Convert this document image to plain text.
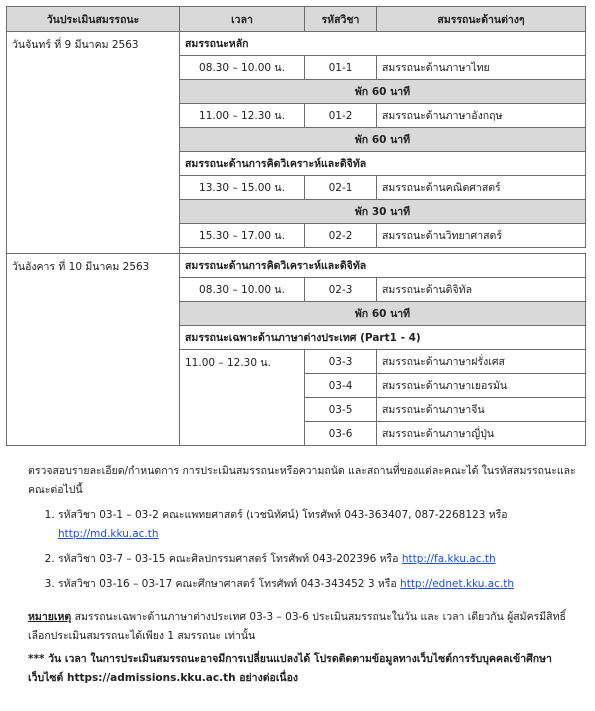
วันประเมินสมรรถนะ	เวลา	รหัสวิชา	สมรรถนะด้านต่างๆ
วันจันทร์ ที่ 9 มีนาคม 2563	สมรรถนะหลัก		
	08.30 – 10.00 น.	01-1	สมรรถนะด้านภาษาไทย
	พัก 60 นาที		
	11.00 – 12.30 น.	01-2	สมรรถนะด้านภาษาอังกฤษ
	พัก 60 นาที		
	สมรรถนะด้านการคิดวิเคราะห์และดิจิทัล		
	13.30 – 15.00 น.	02-1	สมรรถนะด้านคณิตศาสตร์
	พัก 30 นาที		
	15.30 – 17.00 น.	02-2	สมรรถนะด้านวิทยาศาสตร์

วันอังคาร ที่ 10 มีนาคม 2563	สมรรถนะด้านการคิดวิเคราะห์และดิจิทัล		
	08.30 – 10.00 น.	02-3	สมรรถนะด้านดิจิทัล
	พัก 60 นาที		
	สมรรถนะเฉพาะด้านภาษาต่างประเทศ (Part1 - 4)		
	11.00 – 12.30 น.	03-3	สมรรถนะด้านภาษาฝรั่งเศส
		03-4	สมรรถนะด้านภาษาเยอรมัน
		03-5	สมรรถนะด้านภาษาจีน
		03-6	สมรรถนะด้านภาษาญี่ปุ่น

ตรวจสอบรายละเอียด/กำหนดการ การประเมินสมรรถนะหรือความถนัด และสถานที่ของแต่ละคณะได้ ในรหัสสมรรถนะและคณะต่อไปนี้

1. รหัสวิชา 03-1 – 03-2 คณะแพทยศาสตร์ (เวชนิทัศน์) โทรศัพท์ 043-363407, 087-2268123 หรือ
http://md.kku.ac.th
2. รหัสวิชา 03-7 – 03-15 คณะศิลปกรรมศาสตร์ โทรศัพท์ 043-202396 หรือ http://fa.kku.ac.th
3. รหัสวิชา 03-16 – 03-17 คณะศึกษาศาสตร์ โทรศัพท์ 043-343452 3 หรือ http://ednet.kku.ac.th

หมายเหตุ สมรรถนะเฉพาะด้านภาษาต่างประเทศ 03-3 – 03-6 ประเมินสมรรถนะในวัน และ เวลา เดียวกัน ผู้สมัครมีสิทธิ์เลือกประเมินสมรรถนะได้เพียง 1 สมรรถนะ เท่านั้น

*** วัน เวลา ในการประเมินสมรรถนะอาจมีการเปลี่ยนแปลงได้ โปรดติดตามข้อมูลทางเว็บไซต์การรับบุคคลเข้าศึกษา เว็บไซต์ https://admissions.kku.ac.th อย่างต่อเนื่อง
